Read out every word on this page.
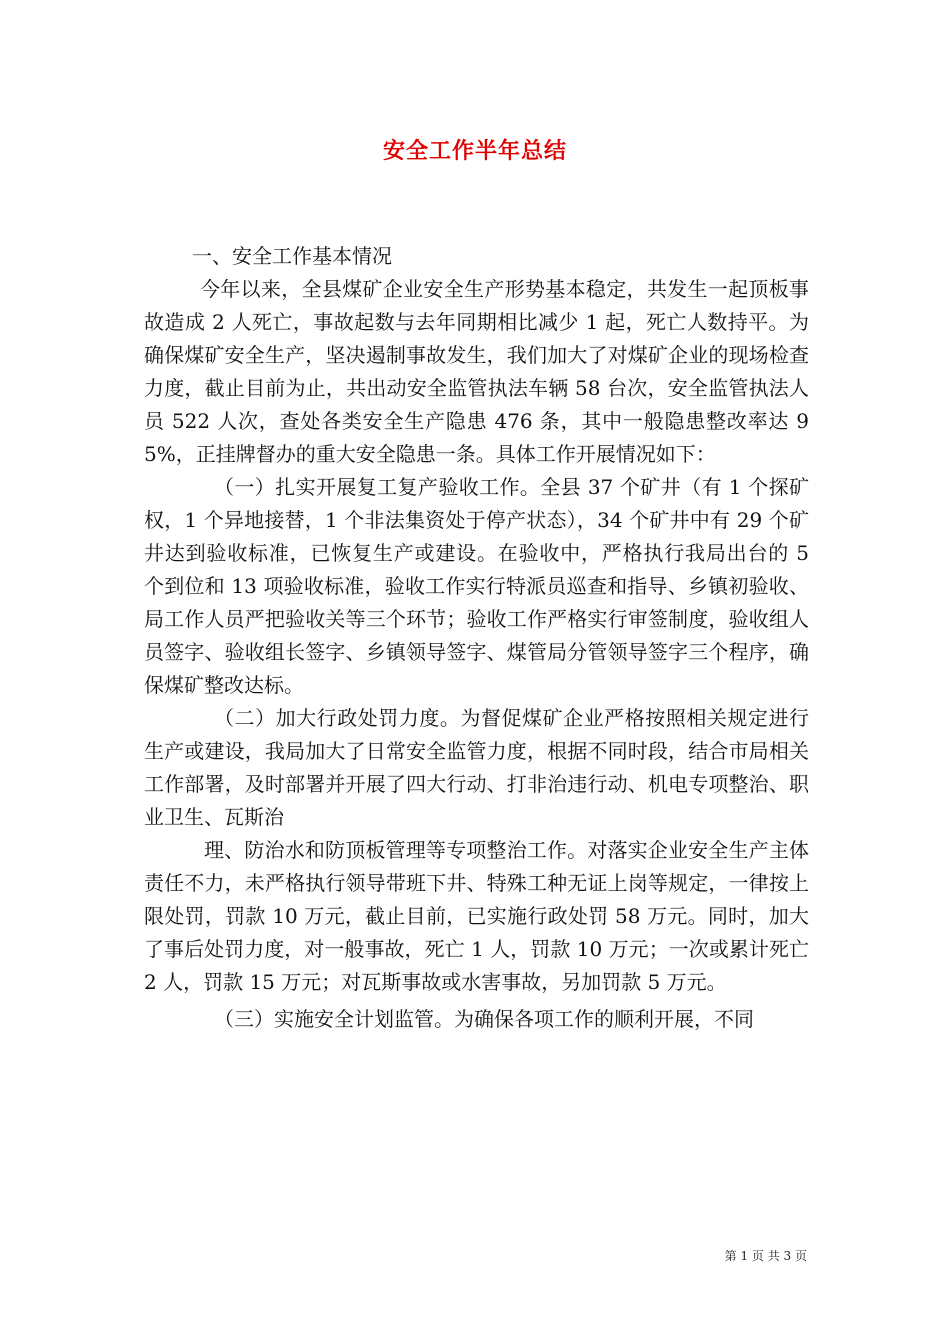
安全工作半年总结

一、安全工作基本情况

今年以来，全县煤矿企业安全生产形势基本稳定，共发生一起顶板事故造成 2 人死亡，事故起数与去年同期相比减少 1 起，死亡人数持平。为确保煤矿安全生产，坚决遏制事故发生，我们加大了对煤矿企业的现场检查力度，截止目前为止，共出动安全监管执法车辆 58 台次，安全监管执法人员 522 人次，查处各类安全生产隐患 476 条，其中一般隐患整改率达 95%，正挂牌督办的重大安全隐患一条。具体工作开展情况如下：

（一）扎实开展复工复产验收工作。全县 37 个矿井（有 1 个探矿权，1 个异地接替，1 个非法集资处于停产状态），34 个矿井中有 29 个矿井达到验收标准，已恢复生产或建设。在验收中，严格执行我局出台的 5 个到位和 13 项验收标准，验收工作实行特派员巡查和指导、乡镇初验收、局工作人员严把验收关等三个环节；验收工作严格实行审签制度，验收组人员签字、验收组长签字、乡镇领导签字、煤管局分管领导签字三个程序，确保煤矿整改达标。

（二）加大行政处罚力度。为督促煤矿企业严格按照相关规定进行生产或建设，我局加大了日常安全监管力度，根据不同时段，结合市局相关工作部署，及时部署并开展了四大行动、打非治违行动、机电专项整治、职业卫生、瓦斯治

理、防治水和防顶板管理等专项整治工作。对落实企业安全生产主体责任不力，未严格执行领导带班下井、特殊工种无证上岗等规定，一律按上限处罚，罚款 10 万元，截止目前，已实施行政处罚 58 万元。同时，加大了事后处罚力度，对一般事故，死亡 1 人，罚款 10 万元；一次或累计死亡 2 人，罚款 15 万元；对瓦斯事故或水害事故，另加罚款 5 万元。

（三）实施安全计划监管。为确保各项工作的顺利开展，不同

第 1 页 共 3 页
